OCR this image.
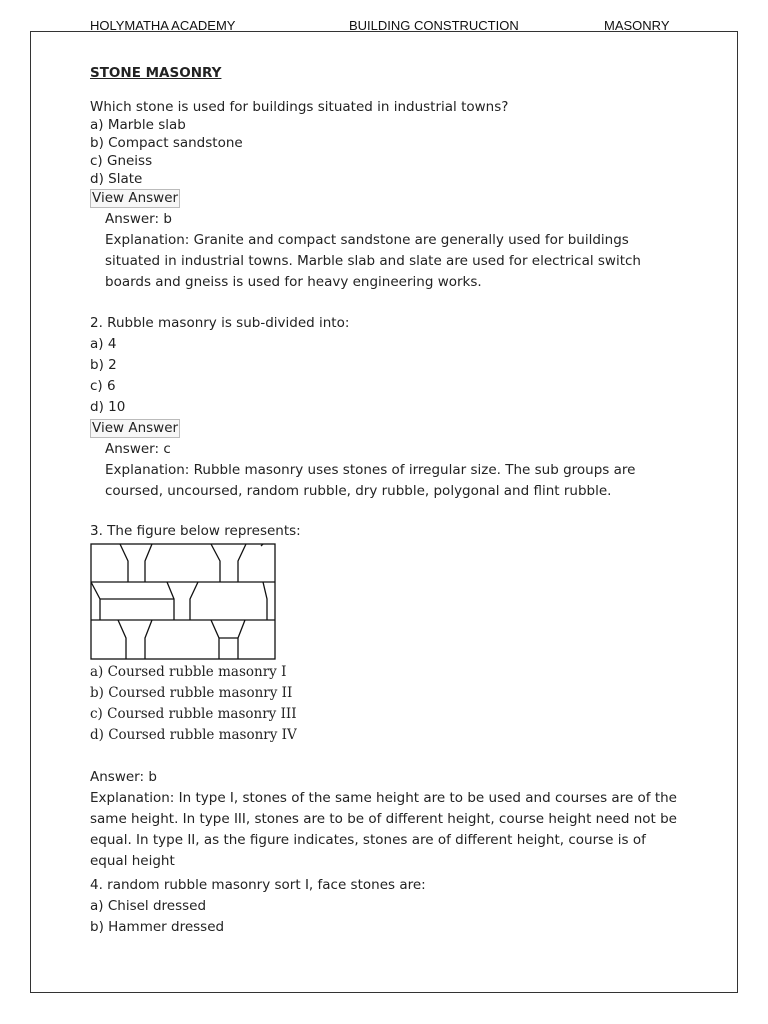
HOLYMATHA ACADEMY	BUILDING CONSTRUCTION	MASONRY
STONE MASONRY
Which stone is used for buildings situated in industrial towns?
a) Marble slab
b) Compact sandstone
c) Gneiss
d) Slate
View Answer
Answer: b
Explanation: Granite and compact sandstone are generally used for buildings situated in industrial towns. Marble slab and slate are used for electrical switch boards and gneiss is used for heavy engineering works.
2. Rubble masonry is sub-divided into:
a) 4
b) 2
c) 6
d) 10
View Answer
Answer: c
Explanation: Rubble masonry uses stones of irregular size. The sub groups are coursed, uncoursed, random rubble, dry rubble, polygonal and flint rubble.
3. The figure below represents:
a) Coursed rubble masonry I
b) Coursed rubble masonry II
c) Coursed rubble masonry III
d) Coursed rubble masonry IV
Answer: b
Explanation: In type I, stones of the same height are to be used and courses are of the same height. In type III, stones are to be of different height, course height need not be equal. In type II, as the figure indicates, stones are of different height, course is of equal height
4. random rubble masonry sort I, face stones are:
a) Chisel dressed
b) Hammer dressed
